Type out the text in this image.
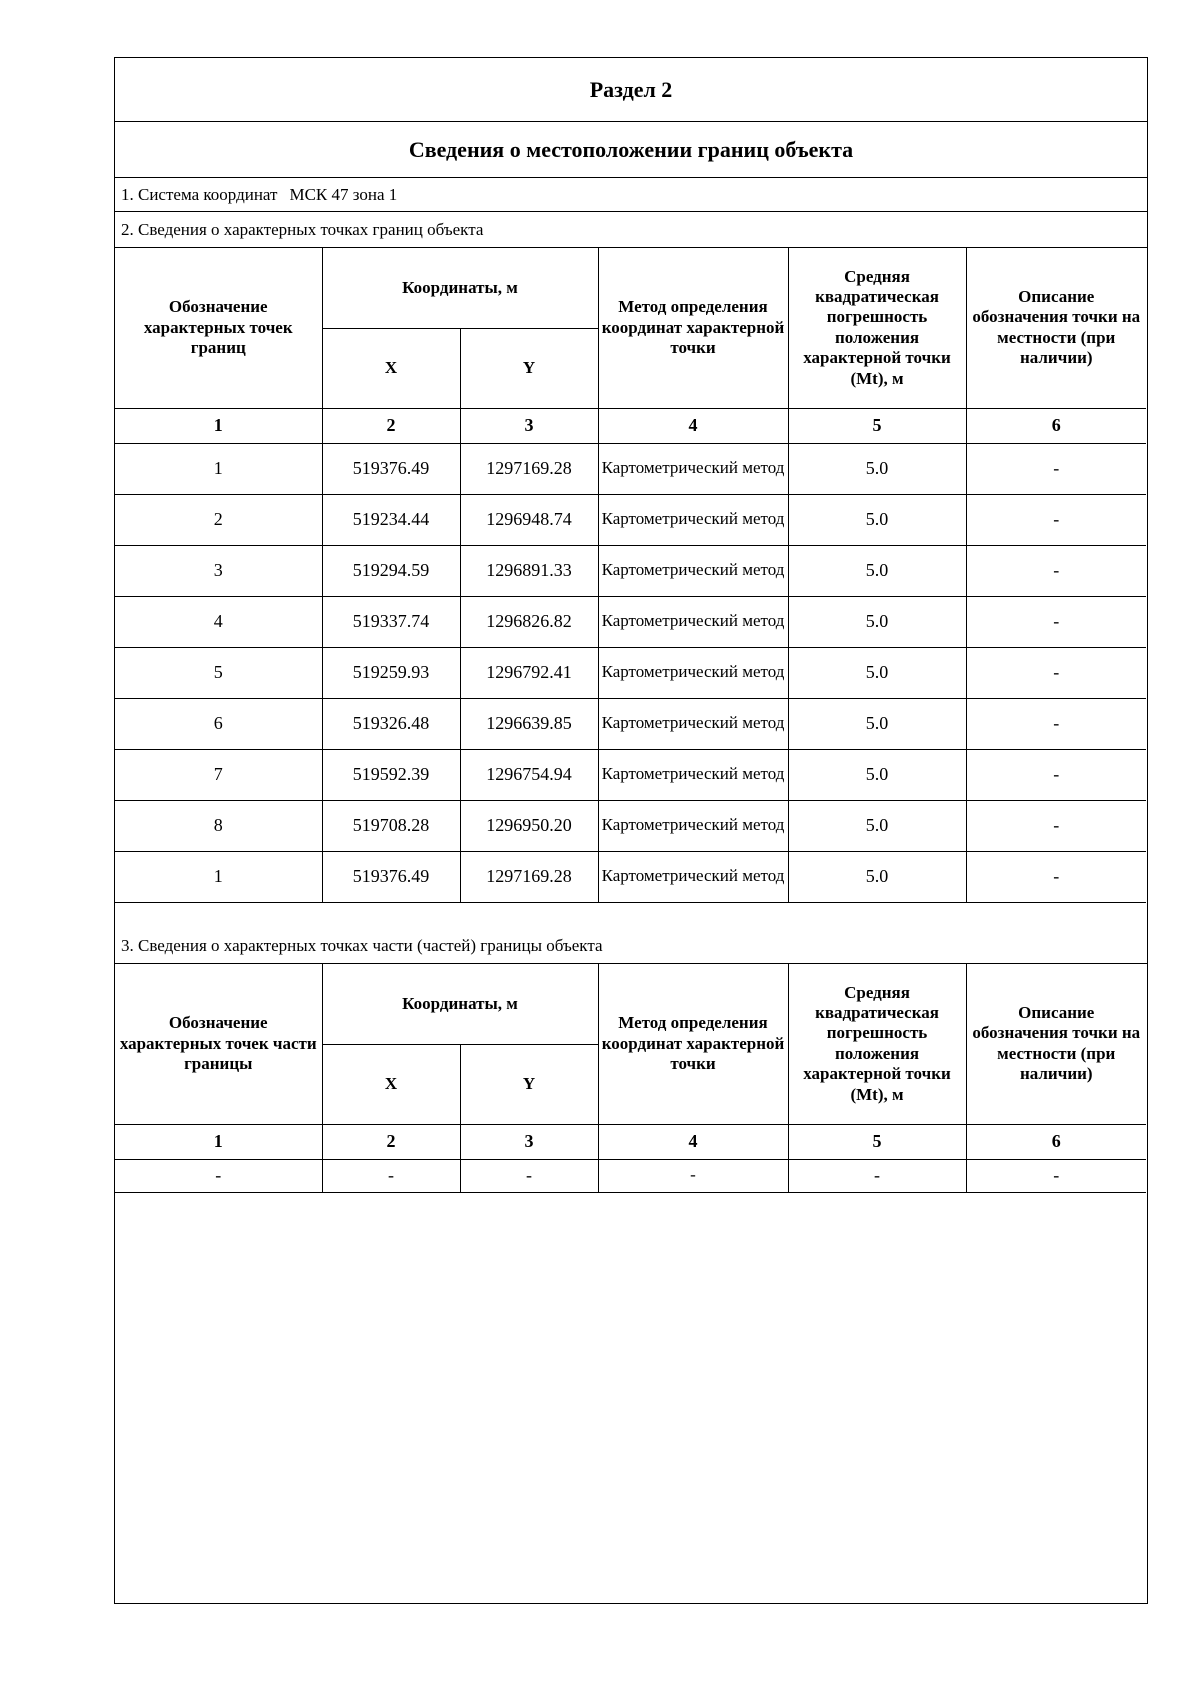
Раздел 2
Сведения о местоположении границ объекта
1. Система координат МСК 47 зона 1
2. Сведения о характерных точках границ объекта
Обозначение характерных точек границ	Координаты, м		Метод определения координат характерной точки	Средняя квадратическая погрешность положения характерной точки (Mt), м	Описание обозначения точки на местности (при наличии)
	X	Y			
1	2	3	4	5	6
1	519376.49	1297169.28	Картометрический метод	5.0	-
2	519234.44	1296948.74	Картометрический метод	5.0	-
3	519294.59	1296891.33	Картометрический метод	5.0	-
4	519337.74	1296826.82	Картометрический метод	5.0	-
5	519259.93	1296792.41	Картометрический метод	5.0	-
6	519326.48	1296639.85	Картометрический метод	5.0	-
7	519592.39	1296754.94	Картометрический метод	5.0	-
8	519708.28	1296950.20	Картометрический метод	5.0	-
1	519376.49	1297169.28	Картометрический метод	5.0	-
3. Сведения о характерных точках части (частей) границы объекта
Обозначение характерных точек части границы	Координаты, м		Метод определения координат характерной точки	Средняя квадратическая погрешность положения характерной точки (Mt), м	Описание обозначения точки на местности (при наличии)
	X	Y			
1	2	3	4	5	6
-	-	-	-	-	-
